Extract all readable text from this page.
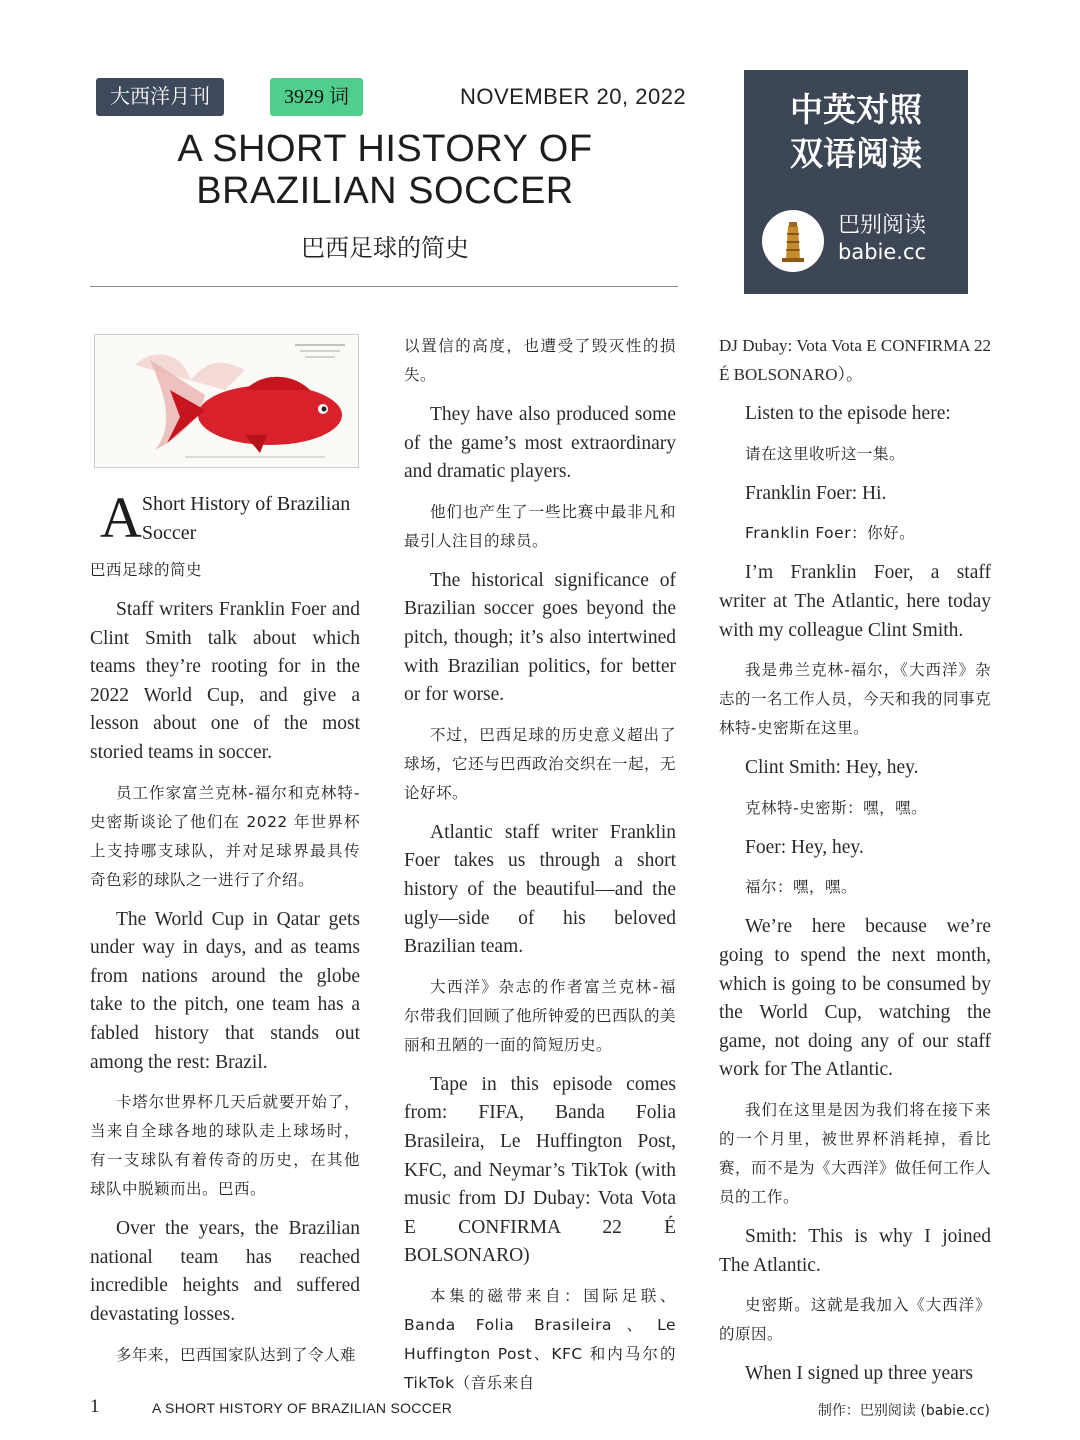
大西洋月刊	3929 词	NOVEMBER 20, 2022
A SHORT HISTORY OF BRAZILIAN SOCCER
巴西足球的简史
中英对照
双语阅读
巴别阅读
babie.cc
A Short History of Brazilian Soccer
巴西足球的简史
Staff writers Franklin Foer and Clint Smith talk about which teams they’re rooting for in the 2022 World Cup, and give a lesson about one of the most storied teams in soccer.
员工作家富兰克林-福尔和克林特-史密斯谈论了他们在 2022 年世界杯上支持哪支球队，并对足球界最具传奇色彩的球队之一进行了介绍。
The World Cup in Qatar gets under way in days, and as teams from nations around the globe take to the pitch, one team has a fabled history that stands out among the rest: Brazil.
卡塔尔世界杯几天后就要开始了，当来自全球各地的球队走上球场时，有一支球队有着传奇的历史，在其他球队中脱颖而出。巴西。
Over the years, the Brazilian national team has reached incredible heights and suffered devastating losses.
多年来，巴西国家队达到了令人难
以置信的高度，也遭受了毁灭性的损失。
They have also produced some of the game’s most extraordinary and dramatic players.
他们也产生了一些比赛中最非凡和最引人注目的球员。
The historical significance of Brazilian soccer goes beyond the pitch, though; it’s also intertwined with Brazilian politics, for better or for worse.
不过，巴西足球的历史意义超出了球场，它还与巴西政治交织在一起，无论好坏。
Atlantic staff writer Franklin Foer takes us through a short history of the beautiful—and the ugly—side of his beloved Brazilian team.
大西洋》杂志的作者富兰克林-福尔带我们回顾了他所钟爱的巴西队的美丽和丑陋的一面的简短历史。
Tape in this episode comes from: FIFA, Banda Folia Brasileira, Le Huffington Post, KFC, and Neymar’s TikTok (with music from DJ Dubay: Vota Vota E CONFIRMA 22 É BOLSONARO)
本集的磁带来自：国际足联、Banda Folia Brasileira、Le Huffington Post、KFC 和内马尔的 TikTok（音乐来自
DJ Dubay: Vota Vota E CONFIRMA 22 É BOLSONARO）。
Listen to the episode here:
请在这里收听这一集。
Franklin Foer: Hi.
Franklin Foer：你好。
I’m Franklin Foer, a staff writer at The Atlantic, here today with my colleague Clint Smith.
我是弗兰克林-福尔，《大西洋》杂志的一名工作人员，今天和我的同事克林特-史密斯在这里。
Clint Smith: Hey, hey.
克林特-史密斯：嘿，嘿。
Foer: Hey, hey.
福尔：嘿，嘿。
We’re here because we’re going to spend the next month, which is going to be consumed by the World Cup, watching the game, not doing any of our staff work for The Atlantic.
我们在这里是因为我们将在接下来的一个月里，被世界杯消耗掉，看比赛，而不是为《大西洋》做任何工作人员的工作。
Smith: This is why I joined The Atlantic.
史密斯。这就是我加入《大西洋》的原因。
When I signed up three years
1	A SHORT HISTORY OF BRAZILIAN SOCCER	制作：巴别阅读 (babie.cc)
